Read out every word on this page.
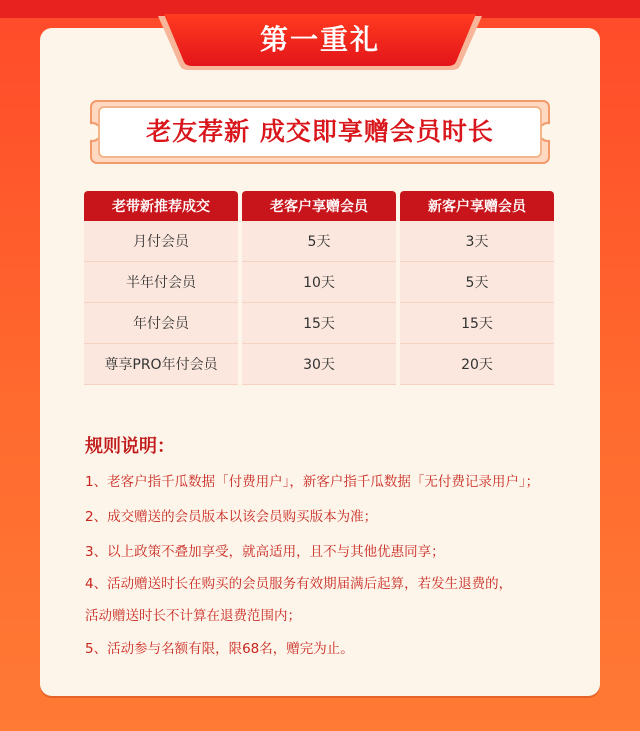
第一重礼
老友荐新 成交即享赠会员时长
老带新推荐成交	老客户享赠会员	新客户享赠会员
月付会员	5天	3天
半年付会员	10天	5天
年付会员	15天	15天
尊享PRO年付会员	30天	20天
规则说明：
1、老客户指千瓜数据「付费用户」，新客户指千瓜数据「无付费记录用户」；
2、成交赠送的会员版本以该会员购买版本为准；
3、以上政策不叠加享受，就高适用，且不与其他优惠同享；
4、活动赠送时长在购买的会员服务有效期届满后起算，若发生退费的，
活动赠送时长不计算在退费范围内；
5、活动参与名额有限，限68名，赠完为止。
